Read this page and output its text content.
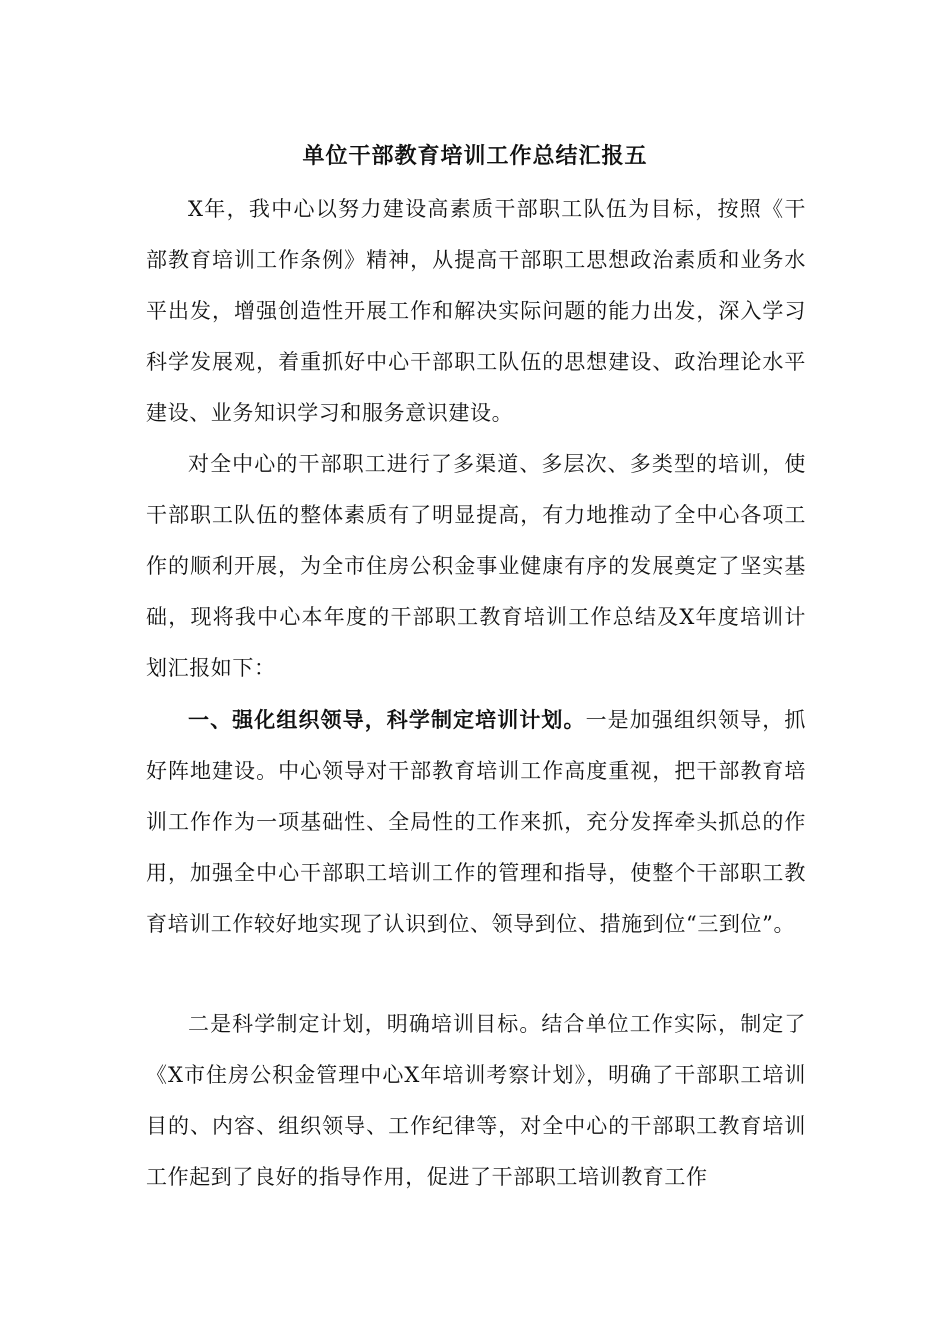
单位干部教育培训工作总结汇报五

X年，我中心以努力建设高素质干部职工队伍为目标，按照《干部教育培训工作条例》精神，从提高干部职工思想政治素质和业务水平出发，增强创造性开展工作和解决实际问题的能力出发，深入学习科学发展观，着重抓好中心干部职工队伍的思想建设、政治理论水平建设、业务知识学习和服务意识建设。

对全中心的干部职工进行了多渠道、多层次、多类型的培训，使干部职工队伍的整体素质有了明显提高，有力地推动了全中心各项工作的顺利开展，为全市住房公积金事业健康有序的发展奠定了坚实基础，现将我中心本年度的干部职工教育培训工作总结及X年度培训计划汇报如下：

一、强化组织领导，科学制定培训计划。一是加强组织领导，抓好阵地建设。中心领导对干部教育培训工作高度重视，把干部教育培训工作作为一项基础性、全局性的工作来抓，充分发挥牵头抓总的作用，加强全中心干部职工培训工作的管理和指导，使整个干部职工教育培训工作较好地实现了认识到位、领导到位、措施到位“三到位”。

二是科学制定计划，明确培训目标。结合单位工作实际，制定了《X市住房公积金管理中心X年培训考察计划》，明确了干部职工培训目的、内容、组织领导、工作纪律等，对全中心的干部职工教育培训工作起到了良好的指导作用，促进了干部职工培训教育工作
